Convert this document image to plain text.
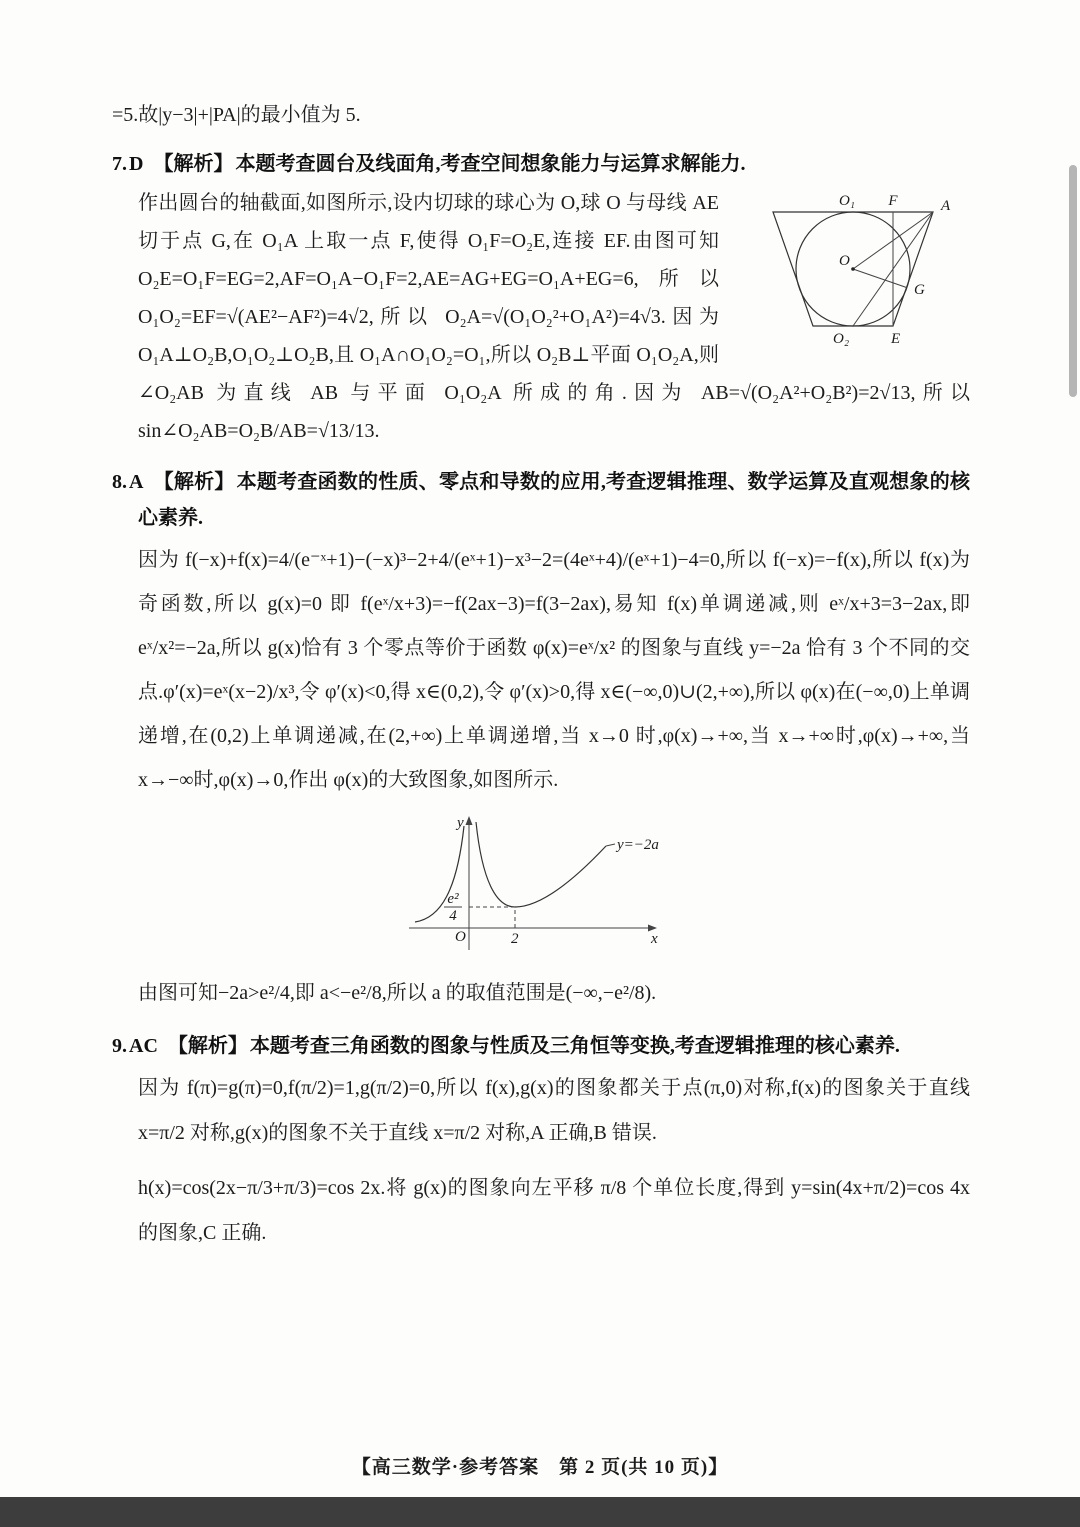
=5.故|y−3|+|PA|的最小值为 5.

7. D 【解析】 本题考查圆台及线面角,考查空间想象能力与运算求解能力.
O₁ F	A
O
G
O₂	E
作出圆台的轴截面,如图所示,设内切球的球心为 O,球 O 与母线 AE 切于点 G,在 O₁A 上取一点 F,使得 O₁F=O₂E,连接 EF.由图可知 O₂E=O₁F=EG=2,AF=O₁A−O₁F=2,AE=AG+EG=O₁A+EG=6,所以 O₁O₂=EF=√(AE²−AF²)=4√2,所以 O₂A=√(O₁O₂²+O₁A²)=4√3.因为 O₁A⊥O₂B,O₁O₂⊥O₂B,且 O₁A∩O₁O₂=O₁,所以 O₂B⊥平面 O₁O₂A,则∠O₂AB 为直线 AB 与平面 O₁O₂A 所成的角.因为 AB=√(O₂A²+O₂B²)=2√13,所以 sin∠O₂AB=O₂B/AB=√13/13.
8. A 【解析】 本题考查函数的性质、零点和导数的应用,考查逻辑推理、数学运算及直观想象的核心素养.

因为 f(−x)+f(x)=4/(e⁻ˣ+1)−(−x)³−2+4/(eˣ+1)−x³−2=(4eˣ+4)/(eˣ+1)−4=0,所以 f(−x)=−f(x),所以 f(x)为奇函数,所以 g(x)=0 即 f(eˣ/x+3)=−f(2ax−3)=f(3−2ax),易知 f(x)单调递减,则 eˣ/x+3=3−2ax,即 eˣ/x²=−2a,所以 g(x)恰有 3 个零点等价于函数 φ(x)=eˣ/x² 的图象与直线 y=−2a 恰有 3 个不同的交点.φ′(x)=eˣ(x−2)/x³,令 φ′(x)<0,得 x∈(0,2),令 φ′(x)>0,得 x∈(−∞,0)∪(2,+∞),所以 φ(x)在(−∞,0)上单调递增,在(0,2)上单调递减,在(2,+∞)上单调递增,当 x→0 时,φ(x)→+∞,当 x→+∞时,φ(x)→+∞,当 x→−∞时,φ(x)→0,作出 φ(x)的大致图象,如图所示.

y
x
O	2
e²
4
y=−2a

由图可知−2a>e²/4,即 a<−e²/8,所以 a 的取值范围是(−∞,−e²/8).

9. AC 【解析】 本题考查三角函数的图象与性质及三角恒等变换,考查逻辑推理的核心素养.

因为 f(π)=g(π)=0,f(π/2)=1,g(π/2)=0,所以 f(x),g(x)的图象都关于点(π,0)对称,f(x)的图象关于直线 x=π/2 对称,g(x)的图象不关于直线 x=π/2 对称,A 正确,B 错误.

h(x)=cos(2x−π/3+π/3)=cos 2x.将 g(x)的图象向左平移 π/8 个单位长度,得到 y=sin(4x+π/2)=cos 4x 的图象,C 正确.

【高三数学·参考答案　第 2 页(共 10 页)】
